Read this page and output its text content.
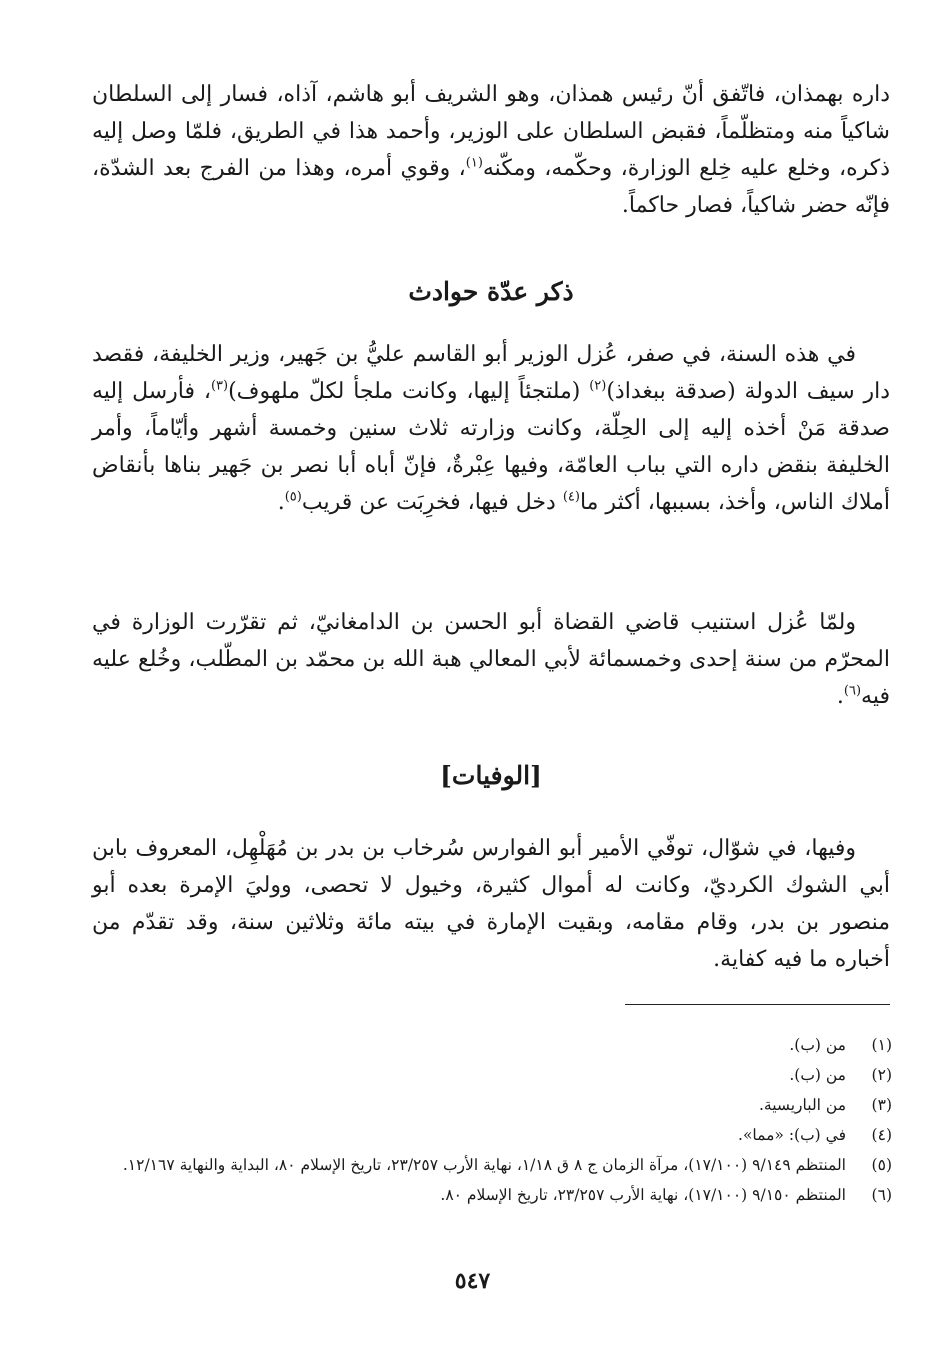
داره بهمذان، فاتّفق أنّ رئيس همذان، وهو الشريف أبو هاشم، آذاه، فسار إلى السلطان شاكياً منه ومتظلّماً، فقبض السلطان على الوزير، وأحمد هذا في الطريق، فلمّا وصل إليه ذكره، وخلع عليه خِلع الوزارة، وحكّمه، ومكّنه$^{(١)}$، وقوي أمره، وهذا من الفرج بعد الشدّة، فإنّه حضر شاكياً، فصار حاكماً.

ذكر عدّة حوادث

في هذه السنة، في صفر، عُزل الوزير أبو القاسم عليُّ بن جَهير، وزير الخليفة، فقصد دار سيف الدولة (صدقة ببغداذ)$^{(٢)}$ (ملتجئاً إليها، وكانت ملجأ لكلّ ملهوف)$^{(٣)}$، فأرسل إليه صدقة مَنْ أخذه إليه إلى الحِلّة، وكانت وزارته ثلاث سنين وخمسة أشهر وأيّاماً، وأمر الخليفة بنقض داره التي بباب العامّة، وفيها عِبْرةٌ، فإنّ أباه أبا نصر بن جَهير بناها بأنقاض أملاك الناس، وأخذ، بسببها، أكثر ما$^{(٤)}$ دخل فيها، فخرِبَت عن قريب$^{(٥)}$.

ولمّا عُزل استنيب قاضي القضاة أبو الحسن بن الدامغانيّ، ثم تقرّرت الوزارة في المحرّم من سنة إحدى وخمسمائة لأبي المعالي هبة الله بن محمّد بن المطّلب، وخُلع عليه فيه$^{(٦)}$.

[الوفيات]

وفيها، في شوّال، توفّي الأمير أبو الفوارس سُرخاب بن بدر بن مُهَلْهِل، المعروف بابن أبي الشوك الكرديّ، وكانت له أموال كثيرة، وخيول لا تحصى، ووليَ الإمرة بعده أبو منصور بن بدر، وقام مقامه، وبقيت الإمارة في بيته مائة وثلاثين سنة، وقد تقدّم من أخباره ما فيه كفاية.

(١)
من (ب).
(٢)
من (ب).
(٣)
من الباريسية.
(٤)
في (ب): «مما».
(٥)
المنتظم ٩/١٤٩ (١٧/١٠٠)، مرآة الزمان ج ٨ ق ١/١٨، نهاية الأرب ٢٣/٢٥٧، تاريخ الإسلام ٨٠، البداية والنهاية ١٢/١٦٧.
(٦)
المنتظم ٩/١٥٠ (١٧/١٠٠)، نهاية الأرب ٢٣/٢٥٧، تاريخ الإسلام ٨٠.
٥٤٧
